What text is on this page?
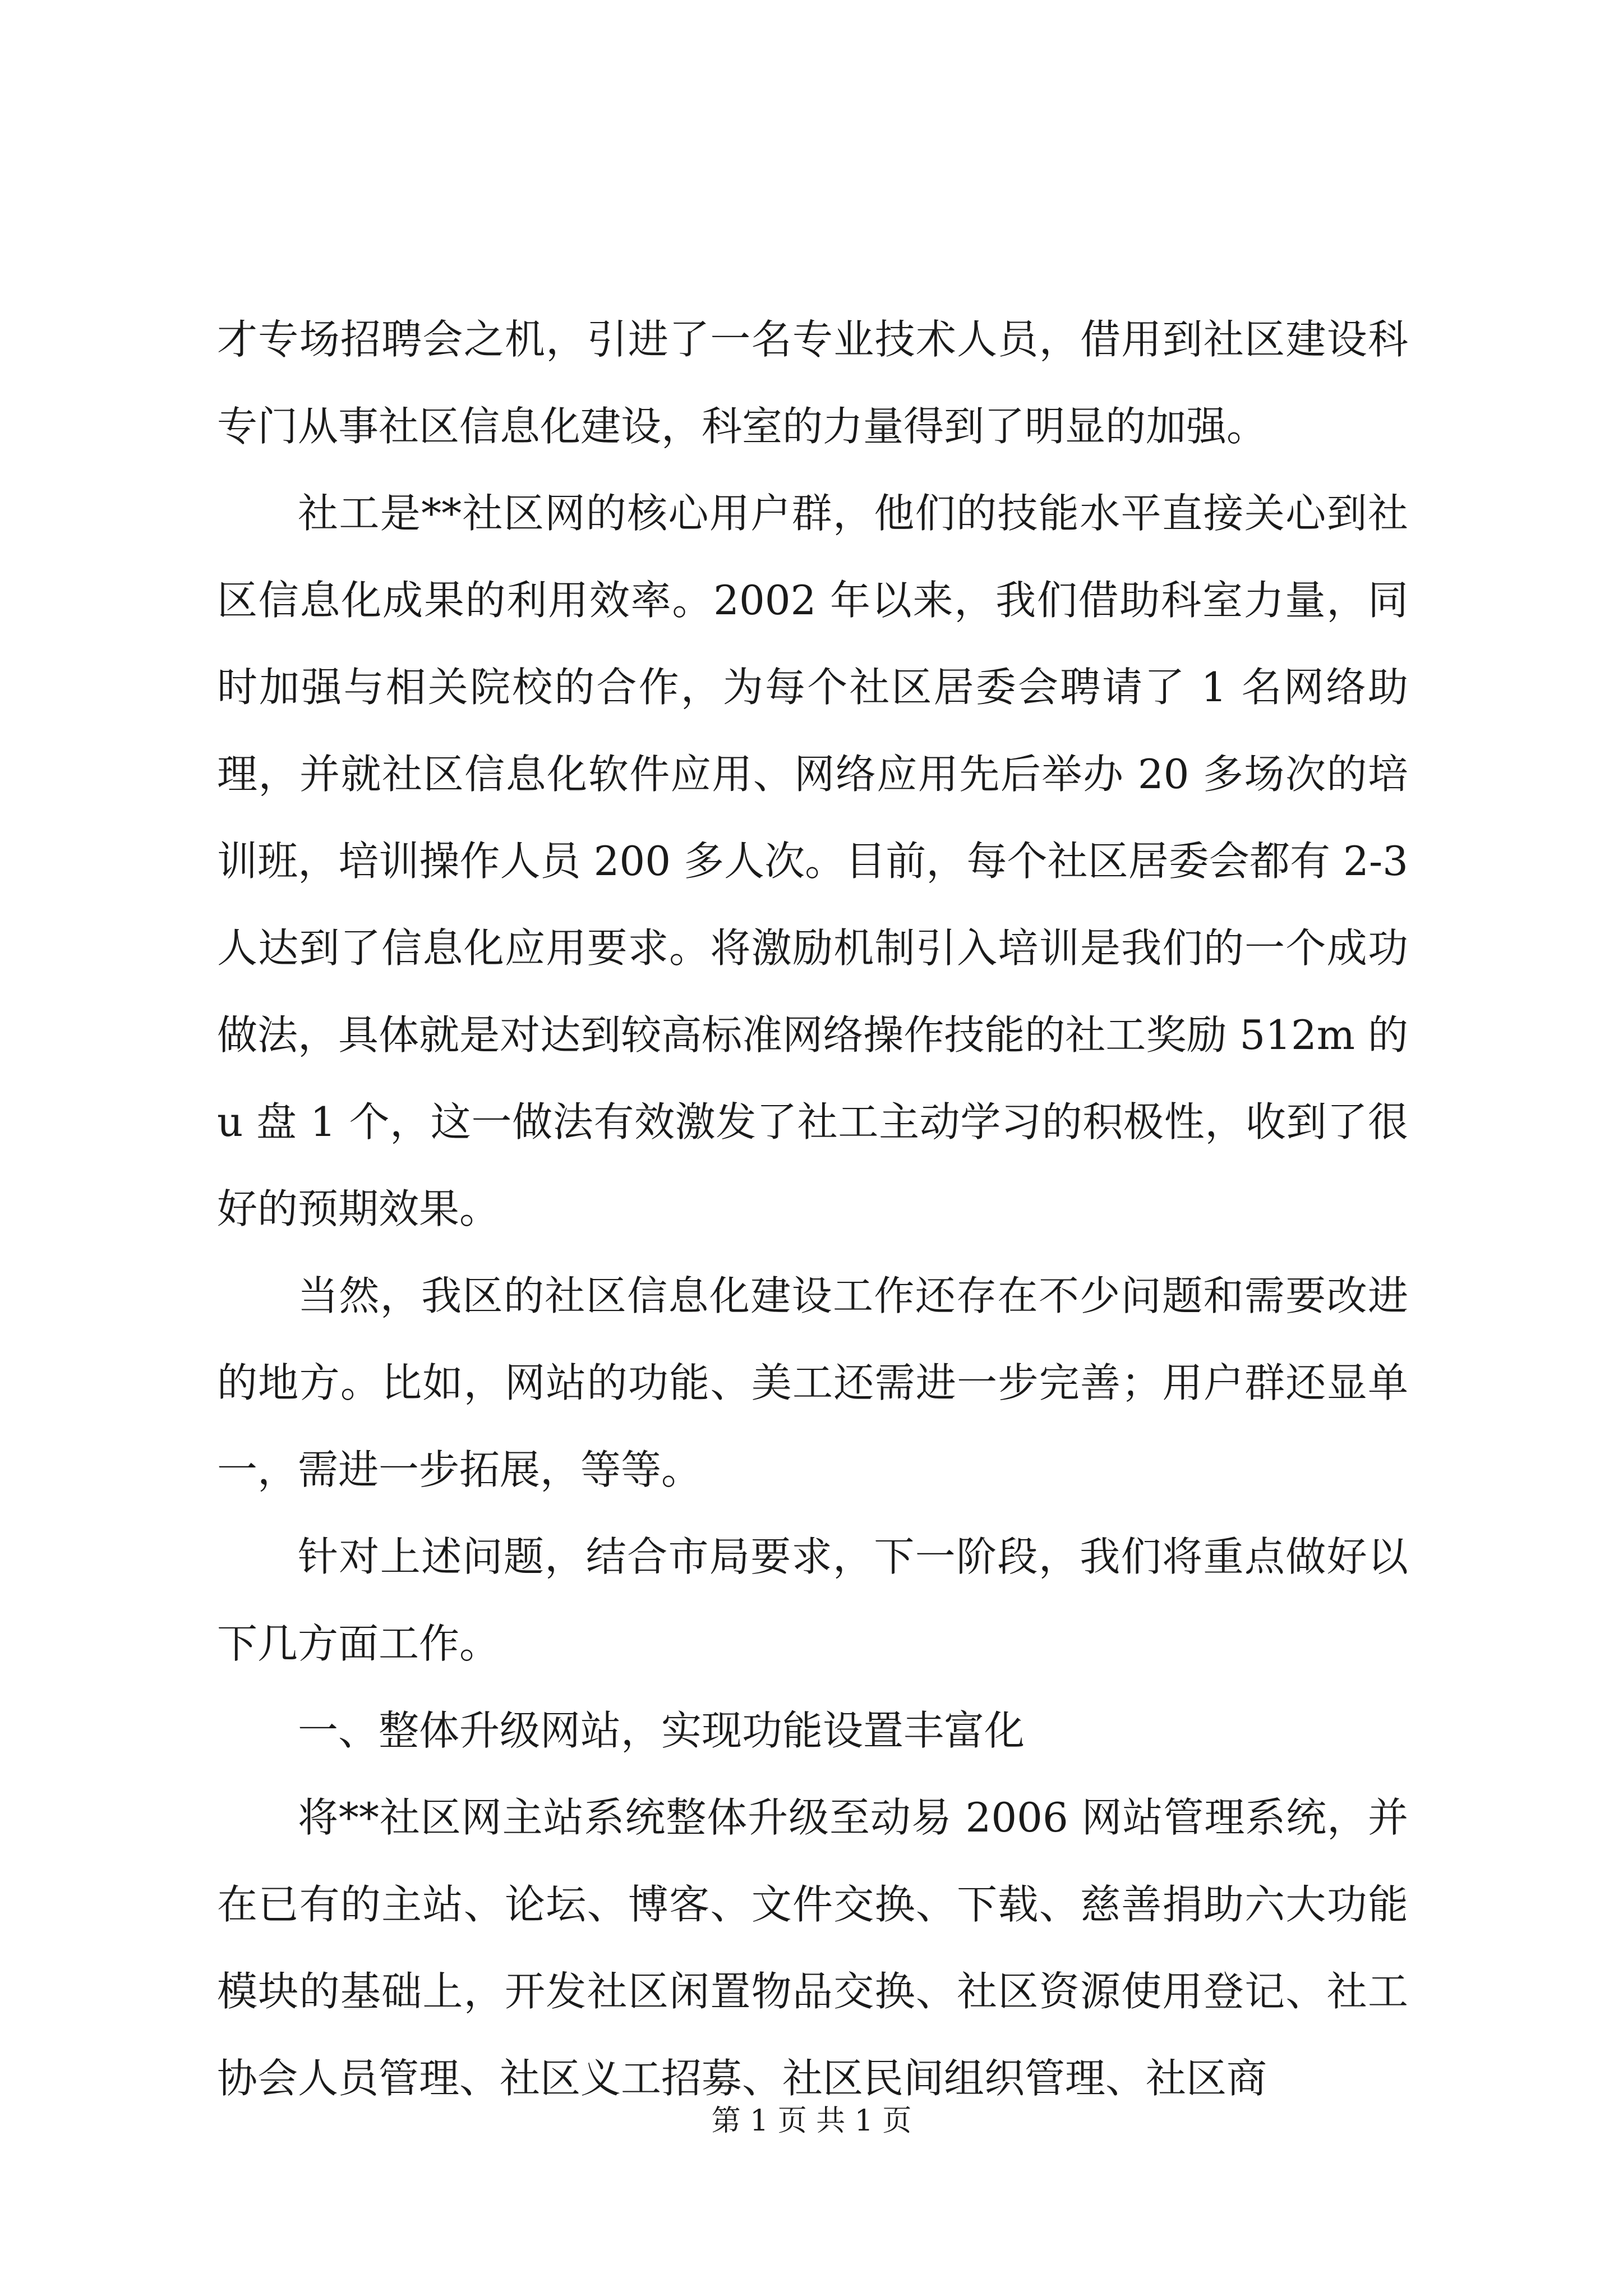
才专场招聘会之机，引进了一名专业技术人员，借用到社区建设科专门从事社区信息化建设，科室的力量得到了明显的加强。

社工是**社区网的核心用户群，他们的技能水平直接关心到社区信息化成果的利用效率。2002 年以来，我们借助科室力量，同时加强与相关院校的合作，为每个社区居委会聘请了 1 名网络助理，并就社区信息化软件应用、网络应用先后举办 20 多场次的培训班，培训操作人员 200 多人次。目前，每个社区居委会都有 2-3 人达到了信息化应用要求。将激励机制引入培训是我们的一个成功做法，具体就是对达到较高标准网络操作技能的社工奖励 512m 的 u 盘 1 个，这一做法有效激发了社工主动学习的积极性，收到了很好的预期效果。

当然，我区的社区信息化建设工作还存在不少问题和需要改进的地方。比如，网站的功能、美工还需进一步完善；用户群还显单一，需进一步拓展，等等。

针对上述问题，结合市局要求，下一阶段，我们将重点做好以下几方面工作。

一、整体升级网站，实现功能设置丰富化

将**社区网主站系统整体升级至动易 2006 网站管理系统，并在已有的主站、论坛、博客、文件交换、下载、慈善捐助六大功能模块的基础上，开发社区闲置物品交换、社区资源使用登记、社工协会人员管理、社区义工招募、社区民间组织管理、社区商

第 1 页 共 1 页
